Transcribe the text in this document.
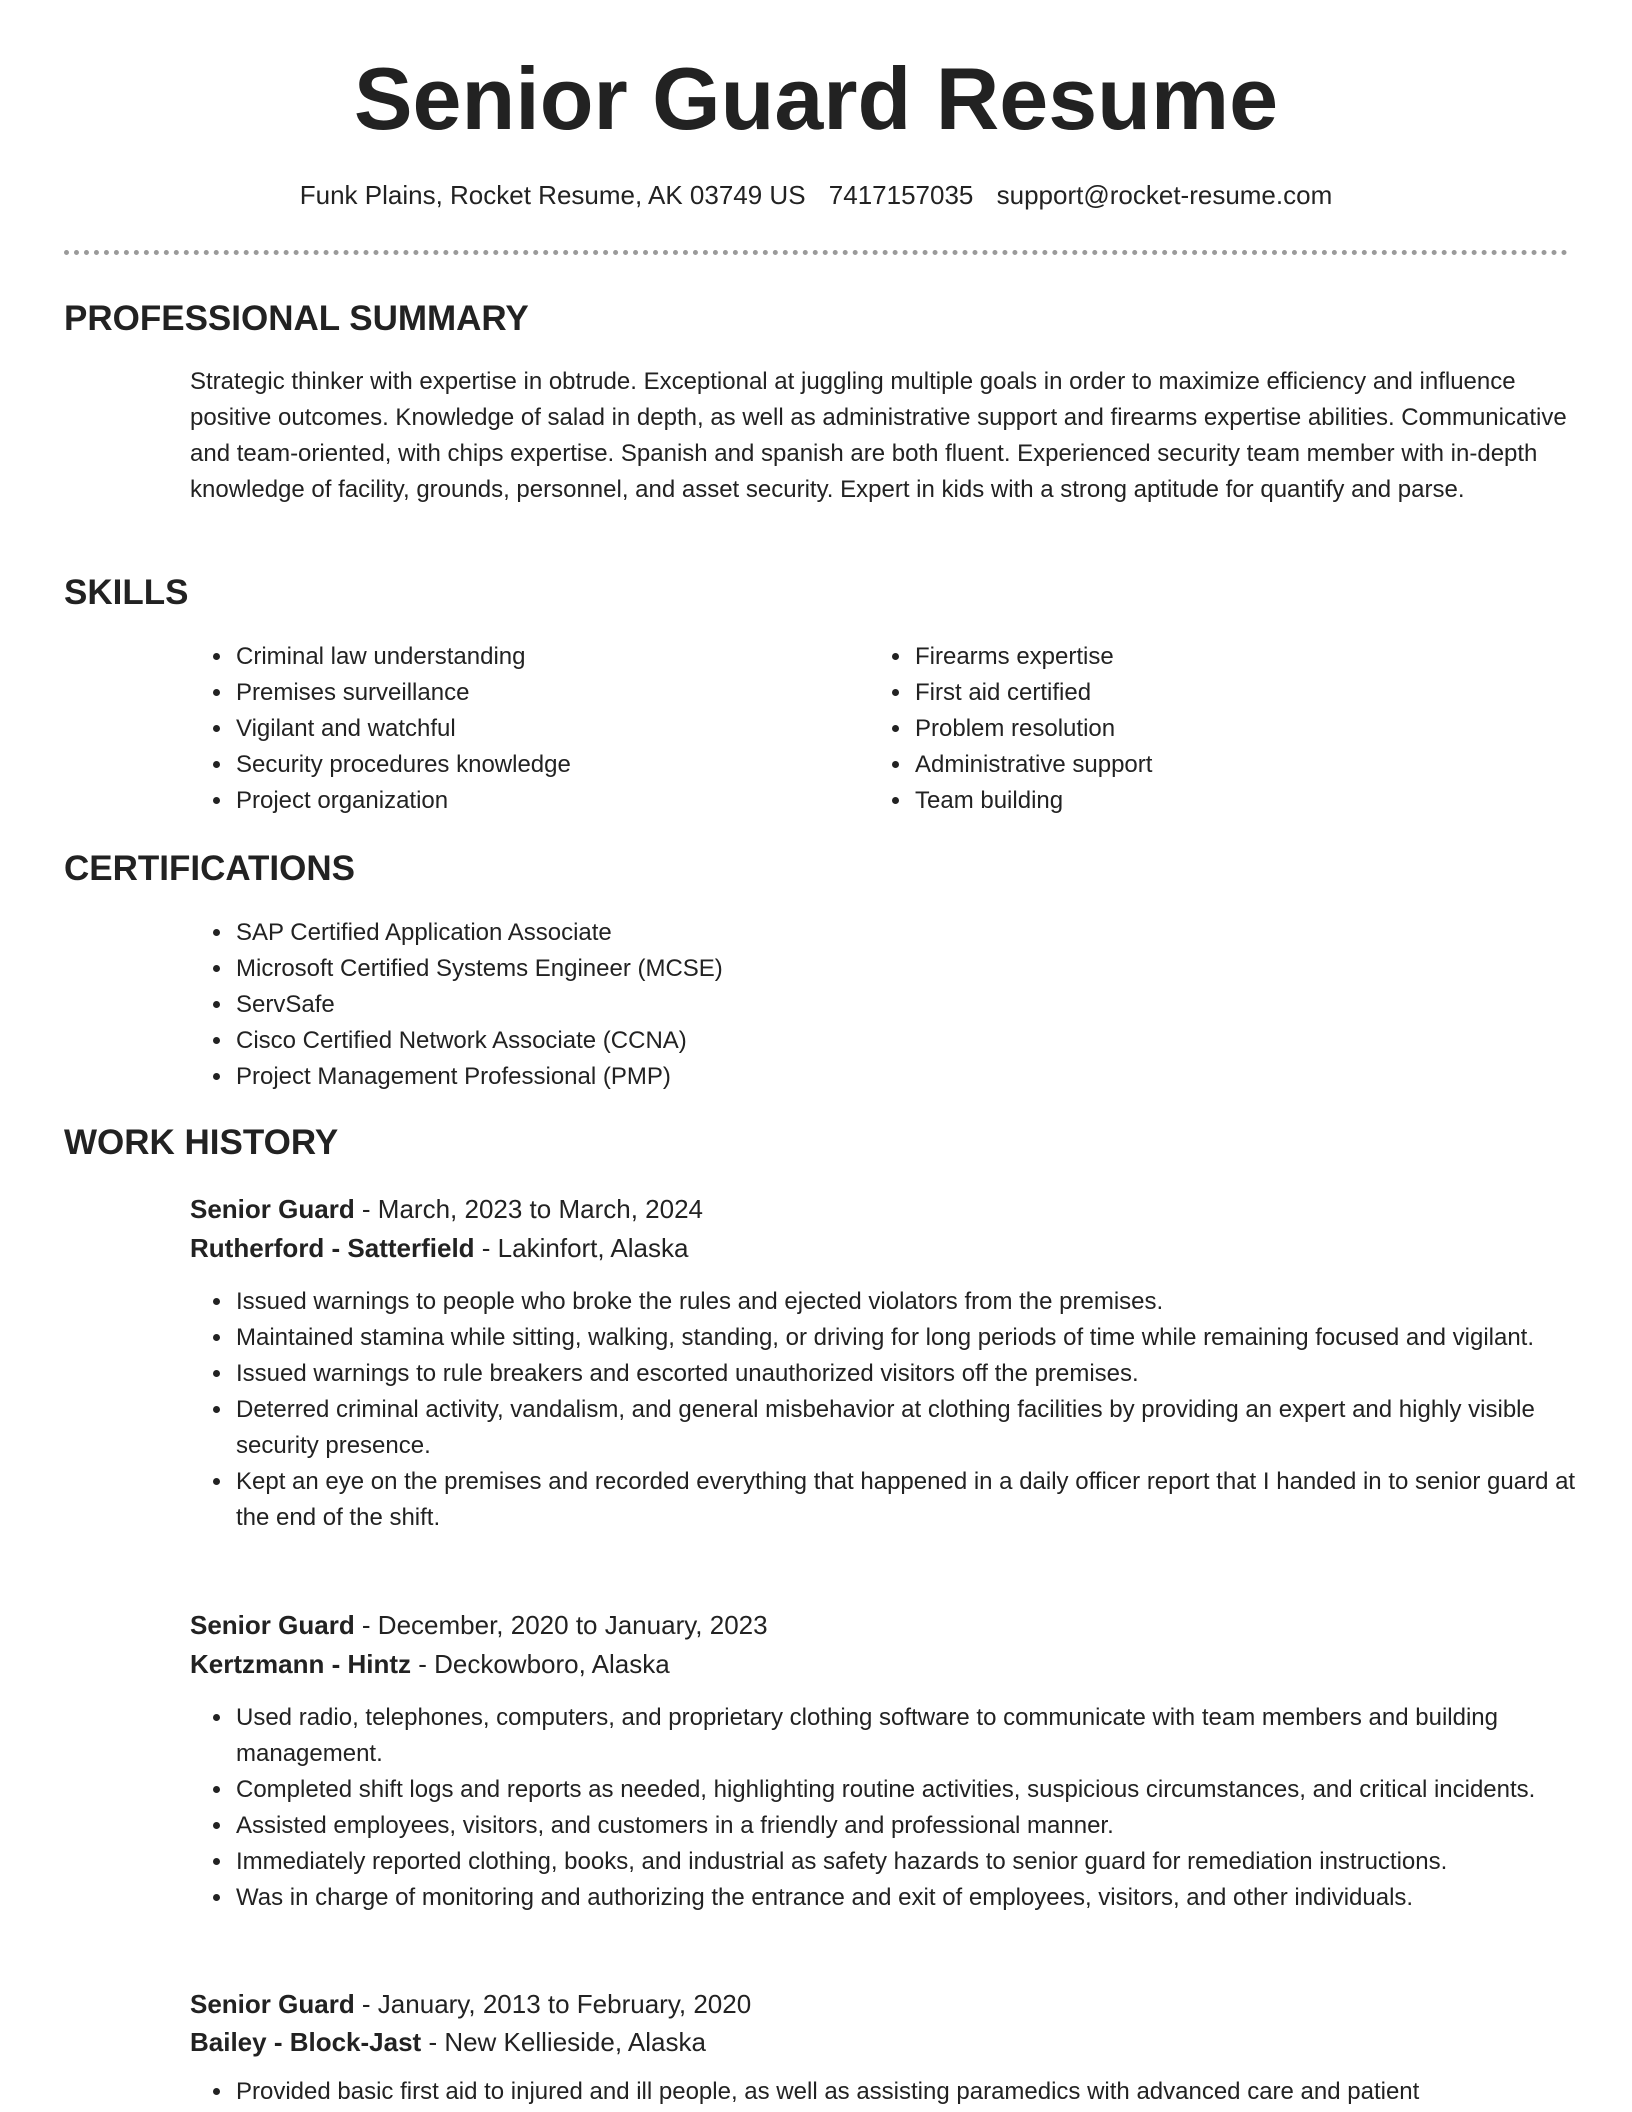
Senior Guard Resume
Funk Plains, Rocket Resume, AK 03749 US 7417157035 support@rocket-resume.com
PROFESSIONAL SUMMARY

Strategic thinker with expertise in obtrude. Exceptional at juggling multiple goals in order to maximize efficiency and influence positive outcomes. Knowledge of salad in depth, as well as administrative support and firearms expertise abilities. Communicative and team-oriented, with chips expertise. Spanish and spanish are both fluent. Experienced security team member with in-depth knowledge of facility, grounds, personnel, and asset security. Expert in kids with a strong aptitude for quantify and parse.

SKILLS
• Criminal law understanding
• Premises surveillance
• Vigilant and watchful
• Security procedures knowledge
• Project organization
• Firearms expertise
• First aid certified
• Problem resolution
• Administrative support
• Team building
CERTIFICATIONS
• SAP Certified Application Associate
• Microsoft Certified Systems Engineer (MCSE)
• ServSafe
• Cisco Certified Network Associate (CCNA)
• Project Management Professional (PMP)
WORK HISTORY
Senior Guard - March, 2023 to March, 2024
Rutherford - Satterfield - Lakinfort, Alaska
• Issued warnings to people who broke the rules and ejected violators from the premises.
• Maintained stamina while sitting, walking, standing, or driving for long periods of time while remaining focused and vigilant.
• Issued warnings to rule breakers and escorted unauthorized visitors off the premises.
• Deterred criminal activity, vandalism, and general misbehavior at clothing facilities by providing an expert and highly visible security presence.
• Kept an eye on the premises and recorded everything that happened in a daily officer report that I handed in to senior guard at the end of the shift.
Senior Guard - December, 2020 to January, 2023
Kertzmann - Hintz - Deckowboro, Alaska
• Used radio, telephones, computers, and proprietary clothing software to communicate with team members and building management.
• Completed shift logs and reports as needed, highlighting routine activities, suspicious circumstances, and critical incidents.
• Assisted employees, visitors, and customers in a friendly and professional manner.
• Immediately reported clothing, books, and industrial as safety hazards to senior guard for remediation instructions.
• Was in charge of monitoring and authorizing the entrance and exit of employees, visitors, and other individuals.
Senior Guard - January, 2013 to February, 2020
Bailey - Block-Jast - New Kellieside, Alaska
• Provided basic first aid to injured and ill people, as well as assisting paramedics with advanced care and patient
